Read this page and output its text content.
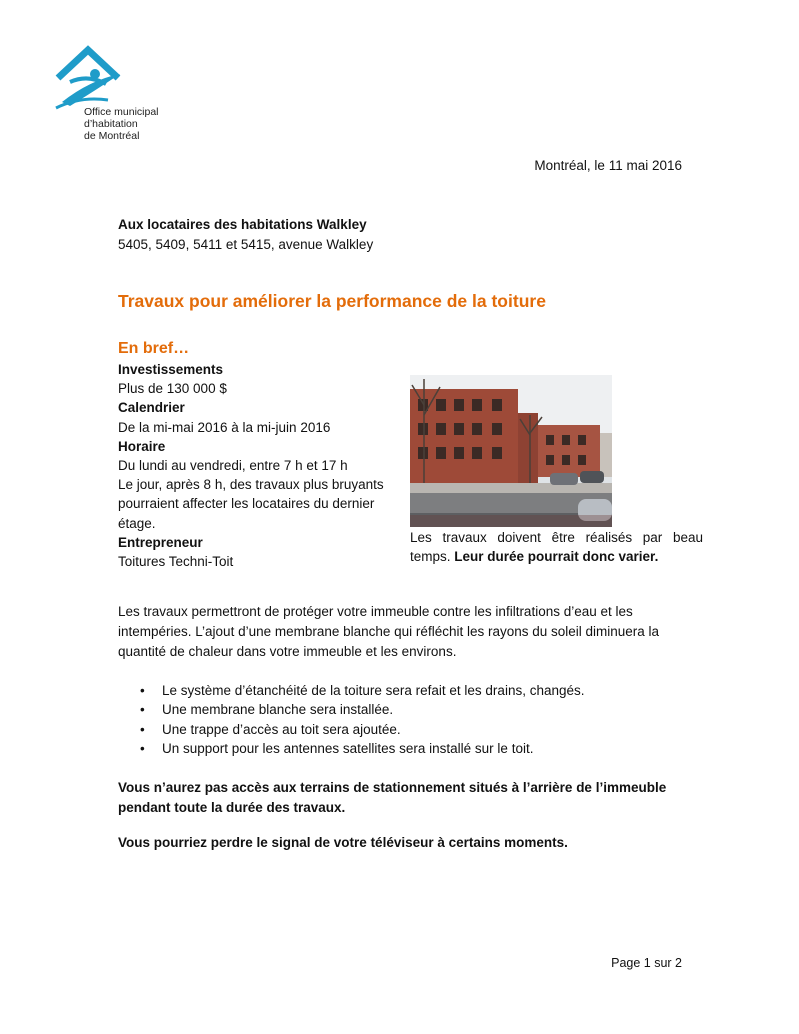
Office municipal
d’habitation
de Montréal
Montréal, le 11 mai 2016
Aux locataires des habitations Walkley
5405, 5409, 5411 et 5415, avenue Walkley
Travaux pour améliorer la performance de la toiture
En bref…
Investissements
Plus de 130 000 $
Calendrier
De la mi-mai 2016 à la mi-juin 2016
Horaire
Du lundi au vendredi, entre 7 h et 17 h
Le jour, après 8 h, des travaux plus bruyants pourraient affecter les locataires du dernier étage.
Entrepreneur
Toitures Techni-Toit
Les travaux doivent être réalisés par beau temps. Leur durée pourrait donc varier.
Les travaux permettront de protéger votre immeuble contre les infiltrations d’eau et les intempéries. L’ajout d’une membrane blanche qui réfléchit les rayons du soleil diminuera la quantité de chaleur dans votre immeuble et les environs.
• Le système d’étanchéité de la toiture sera refait et les drains, changés.
• Une membrane blanche sera installée.
• Une trappe d’accès au toit sera ajoutée.
• Un support pour les antennes satellites sera installé sur le toit.
Vous n’aurez pas accès aux terrains de stationnement situés à l’arrière de l’immeuble pendant toute la durée des travaux.
Vous pourriez perdre le signal de votre téléviseur à certains moments.
Page 1 sur 2
